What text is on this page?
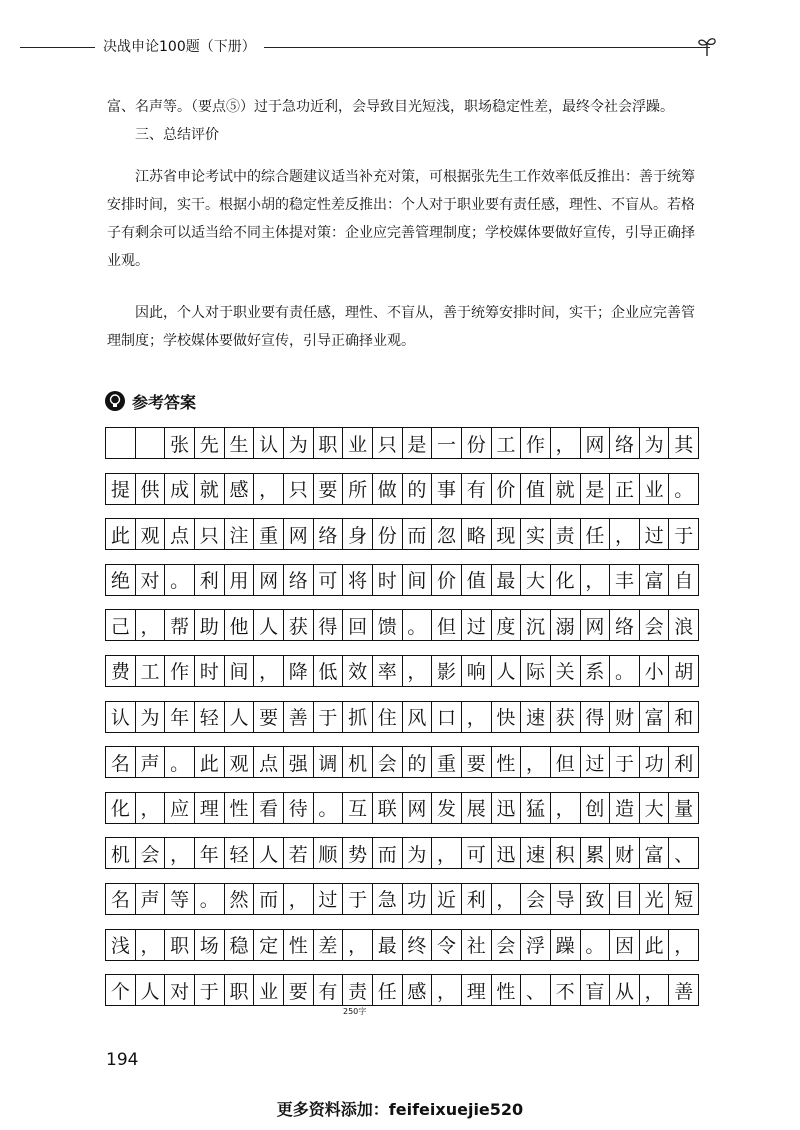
决战申论100题（下册）

富、名声等。（要点⑤）过于急功近利，会导致目光短浅，职场稳定性差，最终令社会浮躁。

三、总结评价

江苏省申论考试中的综合题建议适当补充对策，可根据张先生工作效率低反推出：善于统筹安排时间，实干。根据小胡的稳定性差反推出：个人对于职业要有责任感，理性、不盲从。若格子有剩余可以适当给不同主体提对策：企业应完善管理制度；学校媒体要做好宣传，引导正确择业观。

因此，个人对于职业要有责任感，理性、不盲从，善于统筹安排时间，实干；企业应完善管理制度；学校媒体要做好宣传，引导正确择业观。

参考答案
张 先 生 认 为 职 业 只 是 一 份 工 作 ， 网 络 为 其
提 供 成 就 感 ， 只 要 所 做 的 事 有 价 值 就 是 正 业 。
此 观 点 只 注 重 网 络 身 份 而 忽 略 现 实 责 任 ， 过 于
绝 对 。 利 用 网 络 可 将 时 间 价 值 最 大 化 ， 丰 富 自
己 ， 帮 助 他 人 获 得 回 馈 。 但 过 度 沉 溺 网 络 会 浪
费 工 作 时 间 ， 降 低 效 率 ， 影 响 人 际 关 系 。 小 胡
认 为 年 轻 人 要 善 于 抓 住 风 口 ， 快 速 获 得 财 富 和
名 声 。 此 观 点 强 调 机 会 的 重 要 性 ， 但 过 于 功 利
化 ， 应 理 性 看 待 。 互 联 网 发 展 迅 猛 ， 创 造 大 量
机 会 ， 年 轻 人 若 顺 势 而 为 ， 可 迅 速 积 累 财 富 、
名 声 等 。 然 而 ， 过 于 急 功 近 利 ， 会 导 致 目 光 短
浅 ， 职 场 稳 定 性 差 ， 最 终 令 社 会 浮 躁 。 因 此 ，
个 人 对 于 职 业 要 有 责 任 感 ， 理 性 、 不 盲 从 ， 善
250字
194
更多资料添加：feifeixuejie520
